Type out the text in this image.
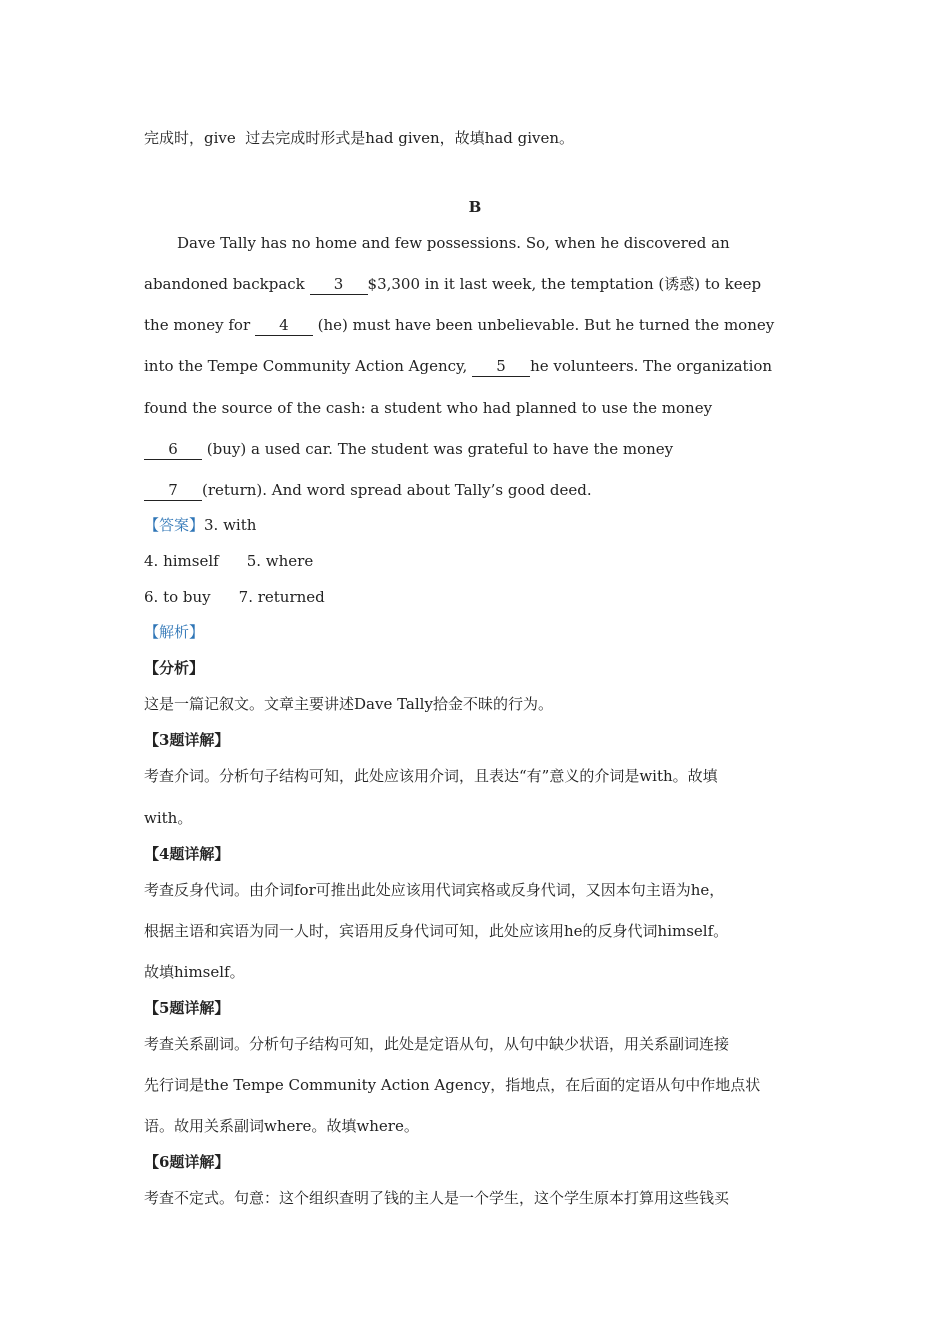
完成时，give  过去完成时形式是had given，故填had given。
B
Dave Tally has no home and few possessions. So, when he discovered an
abandoned backpack 3 $3,300 in it last week, the temptation (诱惑) to keep
the money for 4 (he) must have been unbelievable. But he turned the money
into the Tempe Community Action Agency, 5 he volunteers. The organization
found the source of the cash: a student who had planned to use the money
6 (buy) a used car. The student was grateful to have the money
7 (return). And word spread about Tally’s good deed.
【答案】3. with
4. himself 5. where
6. to buy 7. returned
【解析】
【分析】
这是一篇记叙文。文章主要讲述Dave Tally拾金不昧的行为。
【3题详解】
考查介词。分析句子结构可知，此处应该用介词，且表达“有”意义的介词是with。故填
with。
【4题详解】
考查反身代词。由介词for可推出此处应该用代词宾格或反身代词，又因本句主语为he，
根据主语和宾语为同一人时，宾语用反身代词可知，此处应该用he的反身代词himself。
故填himself。
【5题详解】
考查关系副词。分析句子结构可知，此处是定语从句，从句中缺少状语，用关系副词连接
先行词是the Tempe Community Action Agency，指地点，在后面的定语从句中作地点状
语。故用关系副词where。故填where。
【6题详解】
考查不定式。句意：这个组织查明了钱的主人是一个学生，这个学生原本打算用这些钱买
